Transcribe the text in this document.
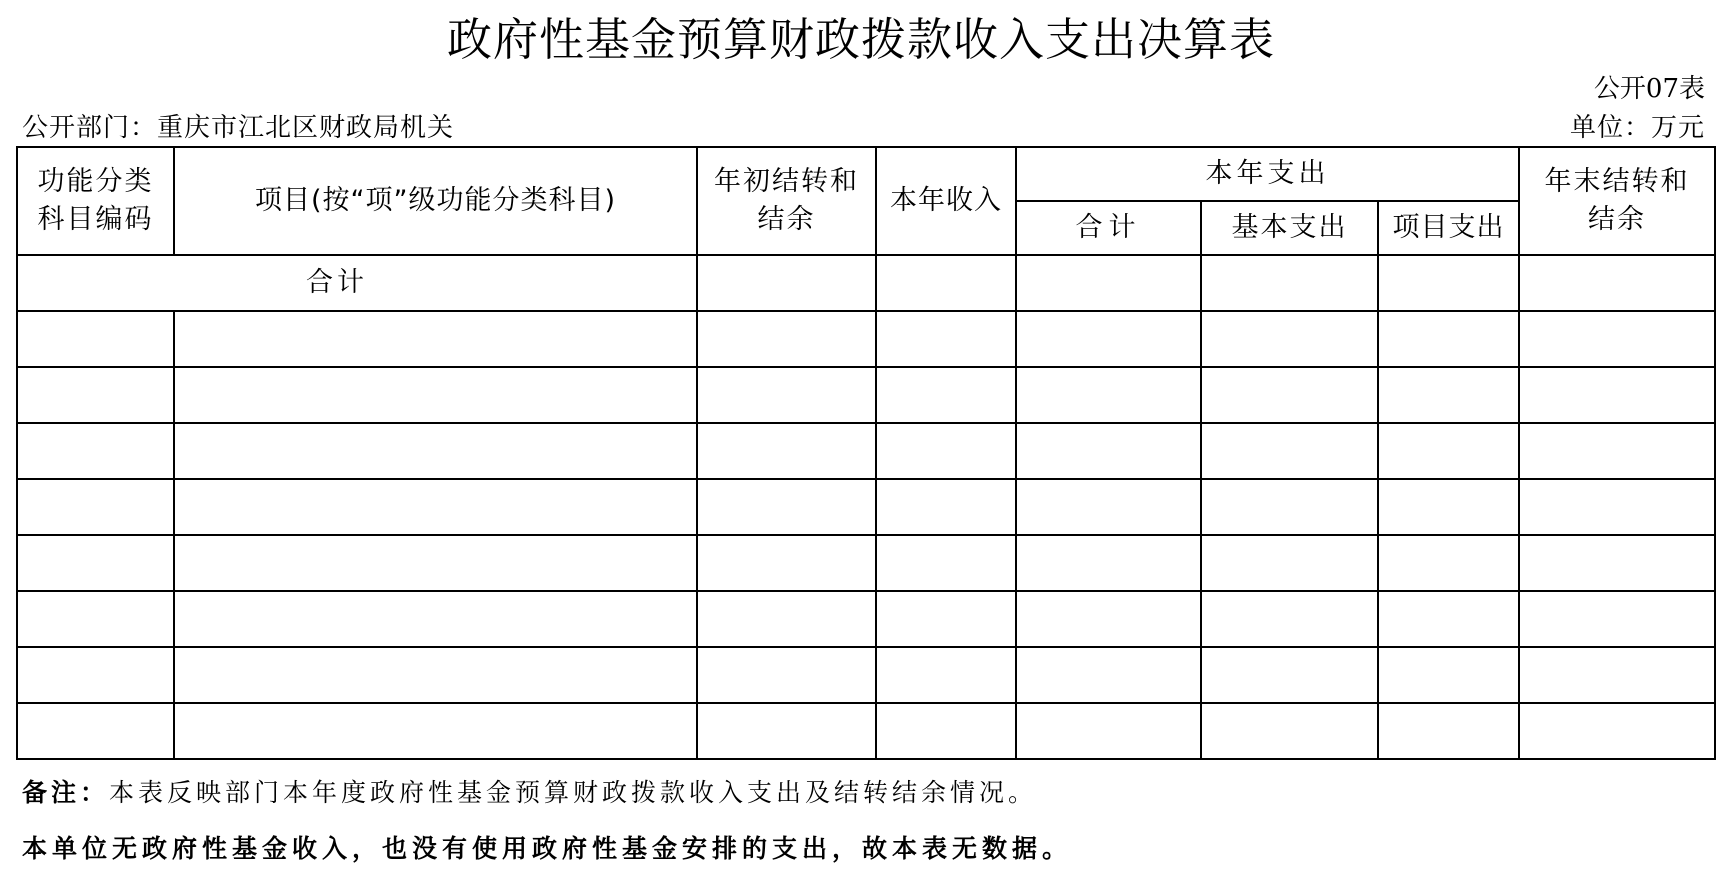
政府性基金预算财政拨款收入支出决算表
公开07表
公开部门：重庆市江北区财政局机关	单位：万元
功能分类科目编码	项目(按“项”级功能分类科目)	年初结转和结余	本年收入	本年支出			年末结转和结余
				合计	基本支出	项目支出	
合计							

备注：本表反映部门本年度政府性基金预算财政拨款收入支出及结转结余情况。
本单位无政府性基金收入，也没有使用政府性基金安排的支出，故本表无数据。
